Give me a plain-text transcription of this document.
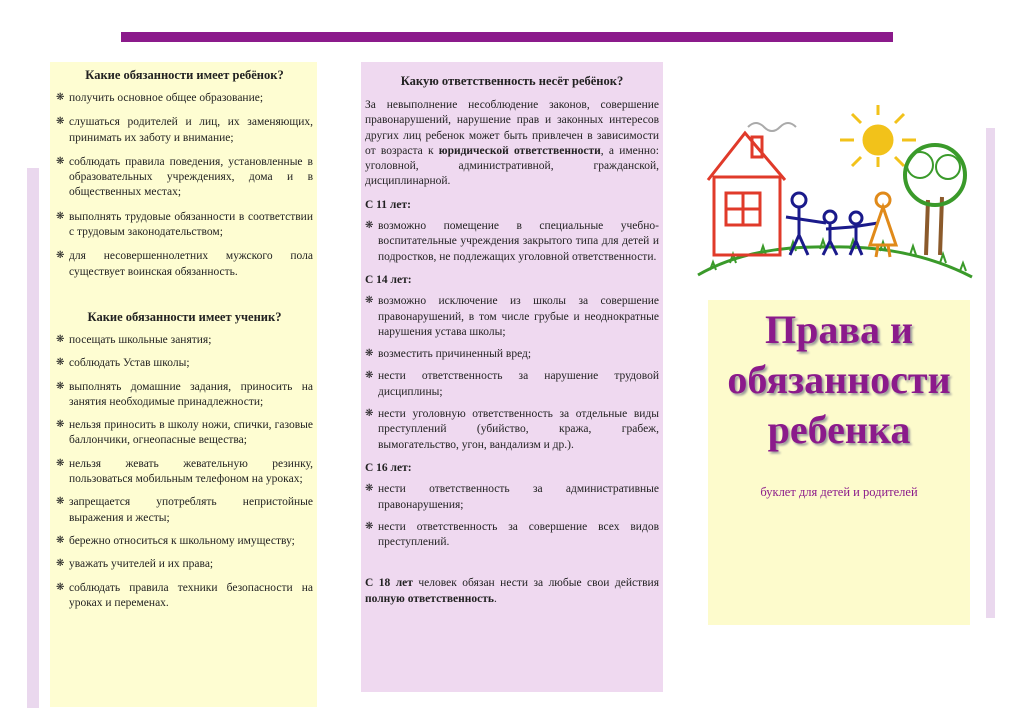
Какие обязанности имеет ребёнок?
❋ получить основное общее образование;
❋ слушаться родителей и лиц, их заменяющих, принимать их заботу и внимание;
❋ соблюдать правила поведения, установленные в образовательных учреждениях, дома и в общественных местах;
❋ выполнять трудовые обязанности в соответствии с трудовым законодательством;
❋ для несовершеннолетних мужского пола существует воинская обязанность.
Какие обязанности имеет ученик?
❋ посещать школьные занятия;
❋ соблюдать Устав школы;
❋ выполнять домашние задания, приносить на занятия необходимые принадлежности;
❋ нельзя приносить в школу ножи, спички, газовые баллончики, огнеопасные вещества;
❋ нельзя жевать жевательную резинку, пользоваться мобильным телефоном на уроках;
❋ запрещается употреблять непристойные выражения и жесты;
❋ бережно относиться к школьному имуществу;
❋ уважать учителей и их права;
❋ соблюдать правила техники безопасности на уроках и переменах.
Какую ответственность несёт ребёнок?

За невыполнение несоблюдение законов, совершение правонарушений, нарушение прав и законных интересов других лиц ребенок может быть привлечен в зависимости от возраста к юридической ответственности, а именно: уголовной, административной, гражданской, дисциплинарной.

С 11 лет:

❋ возможно помещение в специальные учебно-воспитательные учреждения закрытого типа для детей и подростков, не подлежащих уголовной ответственности.

С 14 лет:

❋ возможно исключение из школы за совершение правонарушений, в том числе грубые и неоднократные нарушения устава школы;
❋ возместить причиненный вред;
❋ нести ответственность за нарушение трудовой дисциплины;
❋ нести уголовную ответственность за отдельные виды преступлений (убийство, кража, грабеж, вымогательство, угон, вандализм и др.).

С 16 лет:

❋ нести ответственность за административные правонарушения;
❋ нести ответственность за совершение всех видов преступлений.

С 18 лет человек обязан нести за любые свои действия полную ответственность.

Права и
обязанности
ребенка
буклет для детей и родителей
